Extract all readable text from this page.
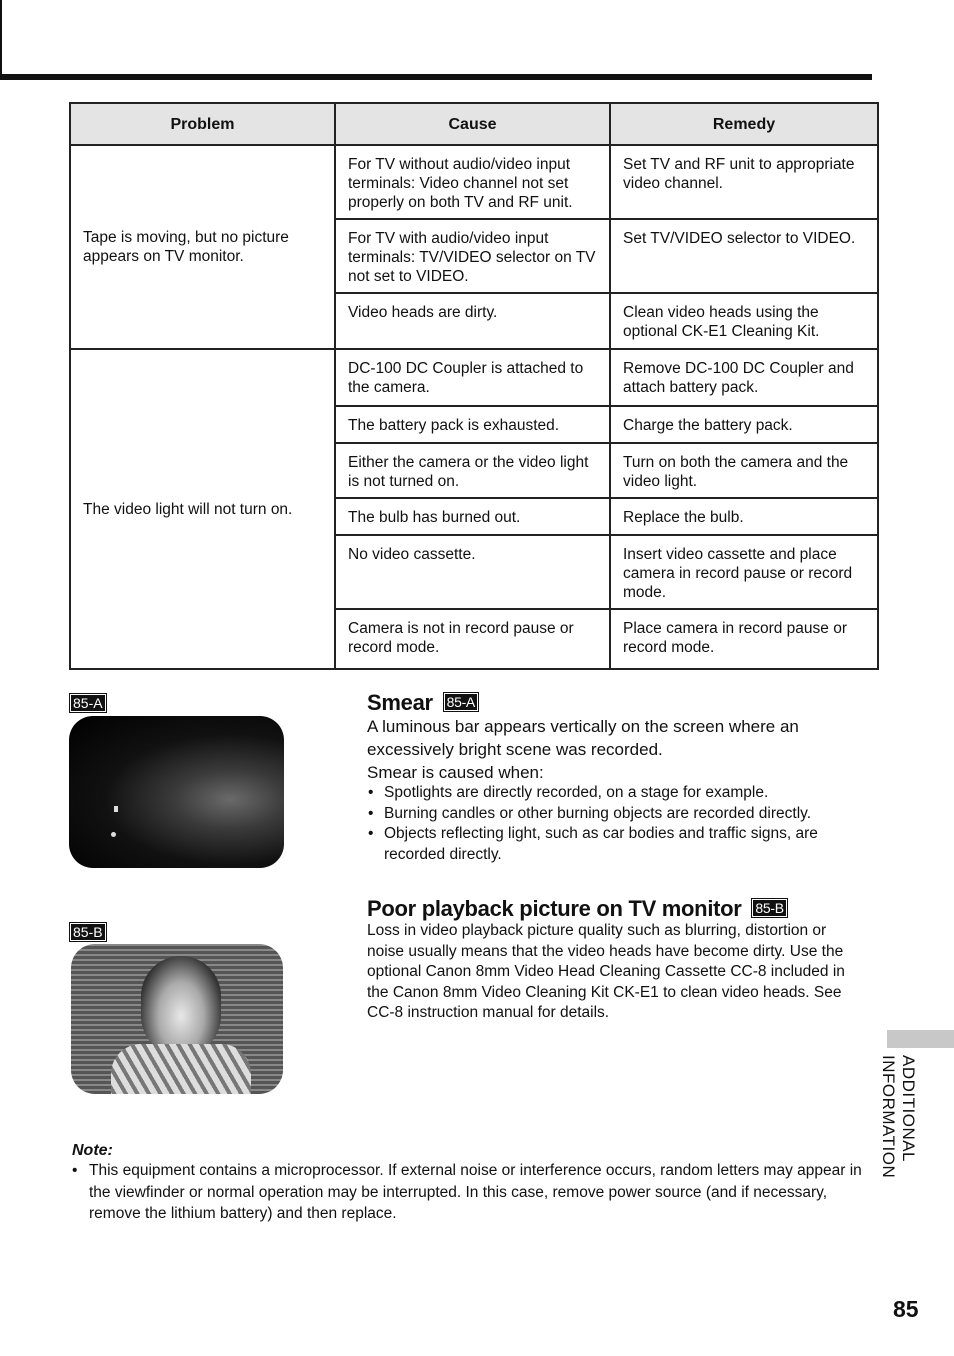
Problem	Cause	Remedy
Tape is moving, but no picture appears on TV monitor.	For TV without audio/video input terminals: Video channel not set properly on both TV and RF unit.	Set TV and RF unit to appropriate video channel.
	For TV with audio/video input terminals: TV/VIDEO selector on TV not set to VIDEO.	Set TV/VIDEO selector to VIDEO.
	Video heads are dirty.	Clean video heads using the optional CK-E1 Cleaning Kit.
The video light will not turn on.	DC-100 DC Coupler is attached to the camera.	Remove DC-100 DC Coupler and attach battery pack.
	The battery pack is exhausted.	Charge the battery pack.
	Either the camera or the video light is not turned on.	Turn on both the camera and the video light.
	The bulb has burned out.	Replace the bulb.
	No video cassette.	Insert video cassette and place camera in record pause or record mode.
	Camera is not in record pause or record mode.	Place camera in record pause or record mode.
85-A
85-B
Smear 85-A
A luminous bar appears vertically on the screen where an excessively bright scene was recorded.
Smear is caused when:
• Spotlights are directly recorded, on a stage for example.
• Burning candles or other burning objects are recorded directly.
• Objects reflecting light, such as car bodies and traffic signs, are recorded directly.
Poor playback picture on TV monitor 85-B
Loss in video playback picture quality such as blurring, distortion or noise usually means that the video heads have become dirty. Use the optional Canon 8mm Video Head Cleaning Cassette CC-8 included in the Canon 8mm Video Cleaning Kit CK-E1 to clean video heads. See CC-8 instruction manual for details.
Note:
• This equipment contains a microprocessor. If external noise or interference occurs, random letters may appear in the viewfinder or normal operation may be interrupted. In this case, remove power source (and if necessary, remove the lithium battery) and then replace.
ADDITIONAL INFORMATION
85
